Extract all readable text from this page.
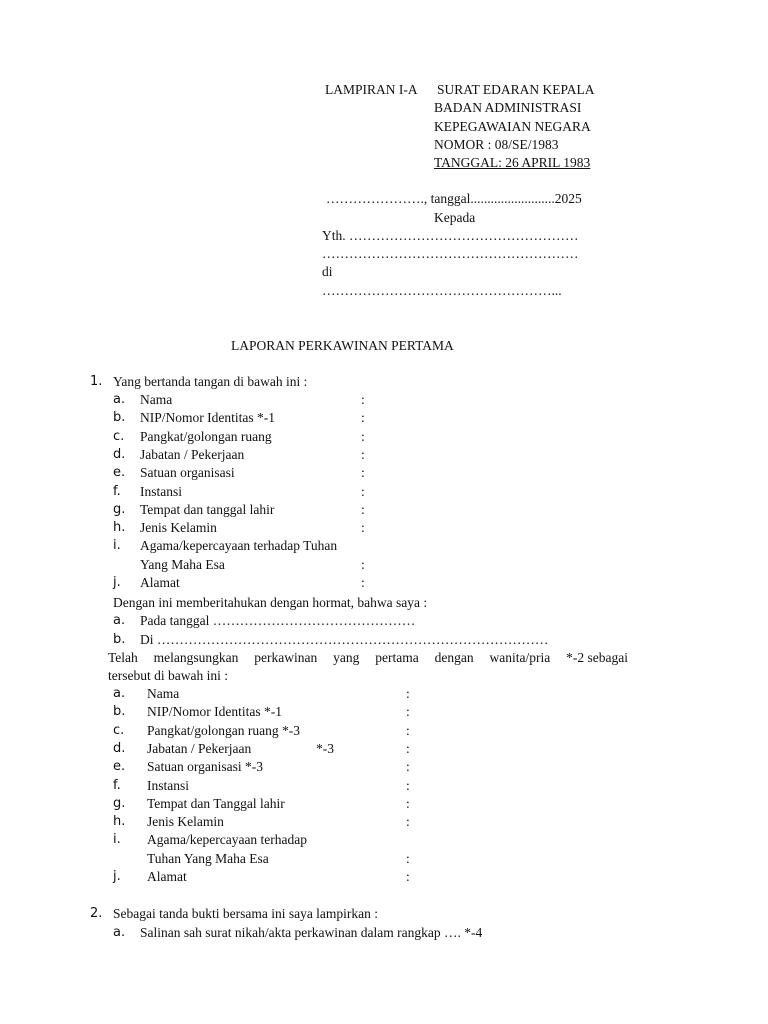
LAMPIRAN I-A SURAT EDARAN KEPALA
BADAN ADMINISTRASI
KEPEGAWAIAN NEGARA
NOMOR : 08/SE/1983
TANGGAL: 26 APRIL 1983
…………………., tanggal.........................2025
Kepada
Yth. ……………………………………………
…………………………………………………
di
……………………………………………...
LAPORAN PERKAWINAN PERTAMA
1. Yang bertanda tangan di bawah ini :
a. Nama	:
b. NIP/Nomor Identitas *-1	:
c. Pangkat/golongan ruang	:
d. Jabatan / Pekerjaan	:
e. Satuan organisasi	:
f. Instansi	:
g. Tempat dan tanggal lahir	:
h. Jenis Kelamin	:
i. Agama/kepercayaan terhadap Tuhan
Yang Maha Esa	:
j. Alamat	:
Dengan ini memberitahukan dengan hormat, bahwa saya :
a. Pada tanggal ………………………………………
b. Di ……………………………………………………………………………
Telah melangsungkan perkawinan yang pertama dengan wanita/pria *-2 sebagai
tersebut di bawah ini :
a. Nama	:
b. NIP/Nomor Identitas *-1	:
c. Pangkat/golongan ruang *-3	:
d. Jabatan / Pekerjaan	*-3	:
e. Satuan organisasi *-3	:
f. Instansi	:
g. Tempat dan Tanggal lahir	:
h. Jenis Kelamin	:
i. Agama/kepercayaan terhadap
Tuhan Yang Maha Esa	:
j. Alamat	:
2. Sebagai tanda bukti bersama ini saya lampirkan :
a. Salinan sah surat nikah/akta perkawinan dalam rangkap …. *-4
